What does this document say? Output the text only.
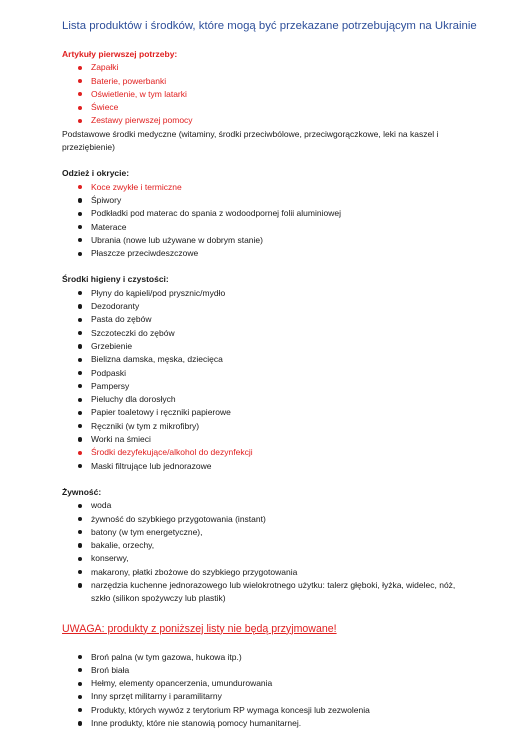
Lista produktów i środków, które mogą być przekazane potrzebującym na Ukrainie

Artykuły pierwszej potrzeby:

Zapałki
Baterie, powerbanki
Oświetlenie, w tym latarki
Świece
Zestawy pierwszej pomocy

Podstawowe środki medyczne (witaminy, środki przeciwbólowe, przeciwgorączkowe, leki na kaszel i przeziębienie)

Odzież i okrycie:

Koce zwykłe i termiczne
Śpiwory
Podkładki pod materac do spania z wodoodpornej folii aluminiowej
Materace
Ubrania (nowe lub używane w dobrym stanie)
Płaszcze przeciwdeszczowe

Środki higieny i czystości:

Płyny do kąpieli/pod prysznic/mydło
Dezodoranty
Pasta do zębów
Szczoteczki do zębów
Grzebienie
Bielizna damska, męska, dziecięca
Podpaski
Pampersy
Pieluchy dla dorosłych
Papier toaletowy i ręczniki papierowe
Ręczniki (w tym z mikrofibry)
Worki na śmieci
Środki dezyfekujące/alkohol do dezynfekcji
Maski filtrujące lub jednorazowe

Żywność:

woda
żywność do szybkiego przygotowania (instant)
batony (w tym energetyczne),
bakalie, orzechy,
konserwy,
makarony, płatki zbożowe do szybkiego przygotowania
narzędzia kuchenne jednorazowego lub wielokrotnego użytku: talerz głęboki, łyżka, widelec, nóż, szkło (silikon spożywczy lub plastik)
UWAGA: produkty z poniższej listy nie będą przyjmowane!
Broń palna (w tym gazowa, hukowa itp.)
Broń biała
Hełmy, elementy opancerzenia, umundurowania
Inny sprzęt militarny i paramilitarny
Produkty, których wywóz z terytorium RP wymaga koncesji lub zezwolenia
Inne produkty, które nie stanowią pomocy humanitarnej.
